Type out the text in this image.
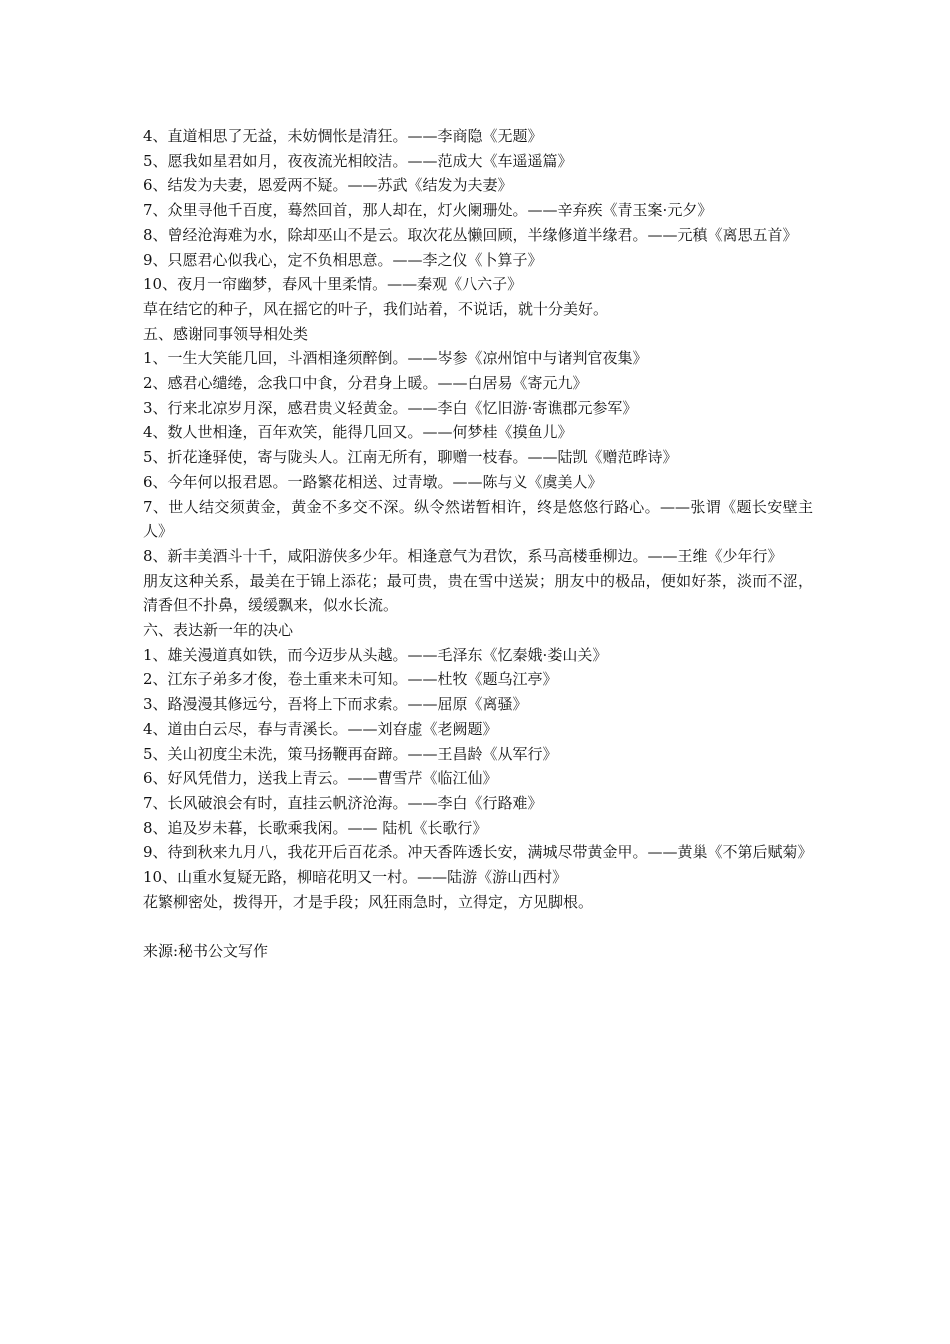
4、直道相思了无益，未妨惆怅是清狂。——李商隐《无题》

5、愿我如星君如月，夜夜流光相皎洁。——范成大《车遥遥篇》

6、结发为夫妻，恩爱两不疑。——苏武《结发为夫妻》

7、众里寻他千百度，蓦然回首，那人却在，灯火阑珊处。——辛弃疾《青玉案·元夕》

8、曾经沧海难为水，除却巫山不是云。取次花丛懒回顾，半缘修道半缘君。——元稹《离思五首》

9、只愿君心似我心，定不负相思意。——李之仪《卜算子》

10、夜月一帘幽梦，春风十里柔情。——秦观《八六子》

草在结它的种子，风在摇它的叶子，我们站着，不说话，就十分美好。

五、感谢同事领导相处类

1、一生大笑能几回，斗酒相逢须醉倒。——岑参《凉州馆中与诸判官夜集》

2、感君心缱绻，念我口中食，分君身上暖。——白居易《寄元九》

3、行来北凉岁月深，感君贵义轻黄金。——李白《忆旧游·寄谯郡元参军》

4、数人世相逢，百年欢笑，能得几回又。——何梦桂《摸鱼儿》

5、折花逢驿使，寄与陇头人。江南无所有，聊赠一枝春。——陆凯《赠范晔诗》

6、今年何以报君恩。一路繁花相送、过青墩。——陈与义《虞美人》

7、世人结交须黄金，黄金不多交不深。纵令然诺暂相许，终是悠悠行路心。——张谓《题长安壁主人》

8、新丰美酒斗十千，咸阳游侠多少年。相逢意气为君饮，系马高楼垂柳边。——王维《少年行》

朋友这种关系，最美在于锦上添花；最可贵，贵在雪中送炭；朋友中的极品，便如好茶，淡而不涩，清香但不扑鼻，缓缓飘来，似水长流。

六、表达新一年的决心

1、雄关漫道真如铁，而今迈步从头越。——毛泽东《忆秦娥·娄山关》

2、江东子弟多才俊，卷土重来未可知。——杜牧《题乌江亭》

3、路漫漫其修远兮，吾将上下而求索。——屈原《离骚》

4、道由白云尽，春与青溪长。——刘昚虚《老阙题》

5、关山初度尘未洗，策马扬鞭再奋蹄。——王昌龄《从军行》

6、好风凭借力，送我上青云。——曹雪芹《临江仙》

7、长风破浪会有时，直挂云帆济沧海。——李白《行路难》

8、追及岁未暮，长歌乘我闲。—— 陆机《长歌行》

9、待到秋来九月八，我花开后百花杀。冲天香阵透长安，满城尽带黄金甲。——黄巢《不第后赋菊》

10、山重水复疑无路，柳暗花明又一村。——陆游《游山西村》

花繁柳密处，拨得开，才是手段；风狂雨急时，立得定，方见脚根。

来源:秘书公文写作
